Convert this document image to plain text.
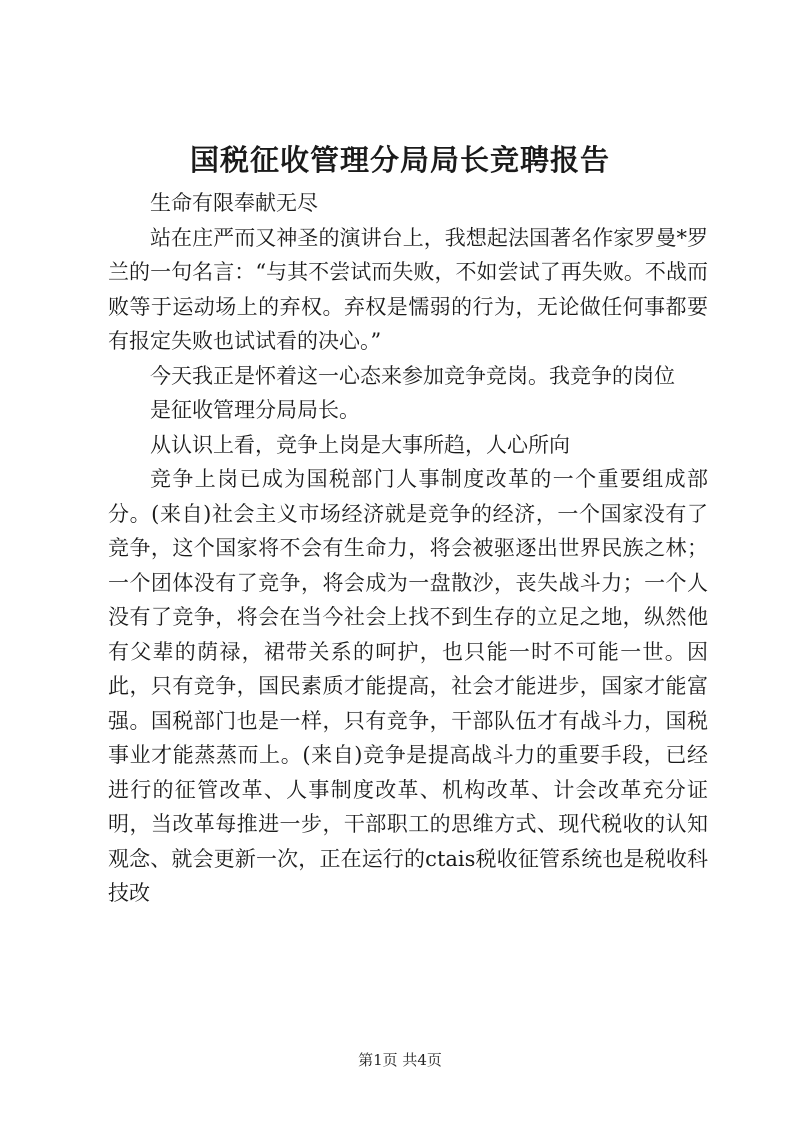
国税征收管理分局局长竞聘报告

生命有限奉献无尽

站在庄严而又神圣的演讲台上，我想起法国著名作家罗曼*罗兰的一句名言：“与其不尝试而失败，不如尝试了再失败。不战而败等于运动场上的弃权。弃权是懦弱的行为，无论做任何事都要有报定失败也试试看的决心。”

今天我正是怀着这一心态来参加竞争竞岗。我竞争的岗位

是征收管理分局局长。

从认识上看，竞争上岗是大事所趋，人心所向

竞争上岗已成为国税部门人事制度改革的一个重要组成部分。(来自)社会主义市场经济就是竞争的经济，一个国家没有了竞争，这个国家将不会有生命力，将会被驱逐出世界民族之林；一个团体没有了竞争，将会成为一盘散沙，丧失战斗力；一个人没有了竞争，将会在当今社会上找不到生存的立足之地，纵然他有父辈的荫禄，裙带关系的呵护，也只能一时不可能一世。因此，只有竞争，国民素质才能提高，社会才能进步，国家才能富强。国税部门也是一样，只有竞争，干部队伍才有战斗力，国税事业才能蒸蒸而上。(来自)竞争是提高战斗力的重要手段，已经进行的征管改革、人事制度改革、机构改革、计会改革充分证明，当改革每推进一步，干部职工的思维方式、现代税收的认知观念、就会更新一次，正在运行的ctais税收征管系统也是税收科技改

第1页 共4页
